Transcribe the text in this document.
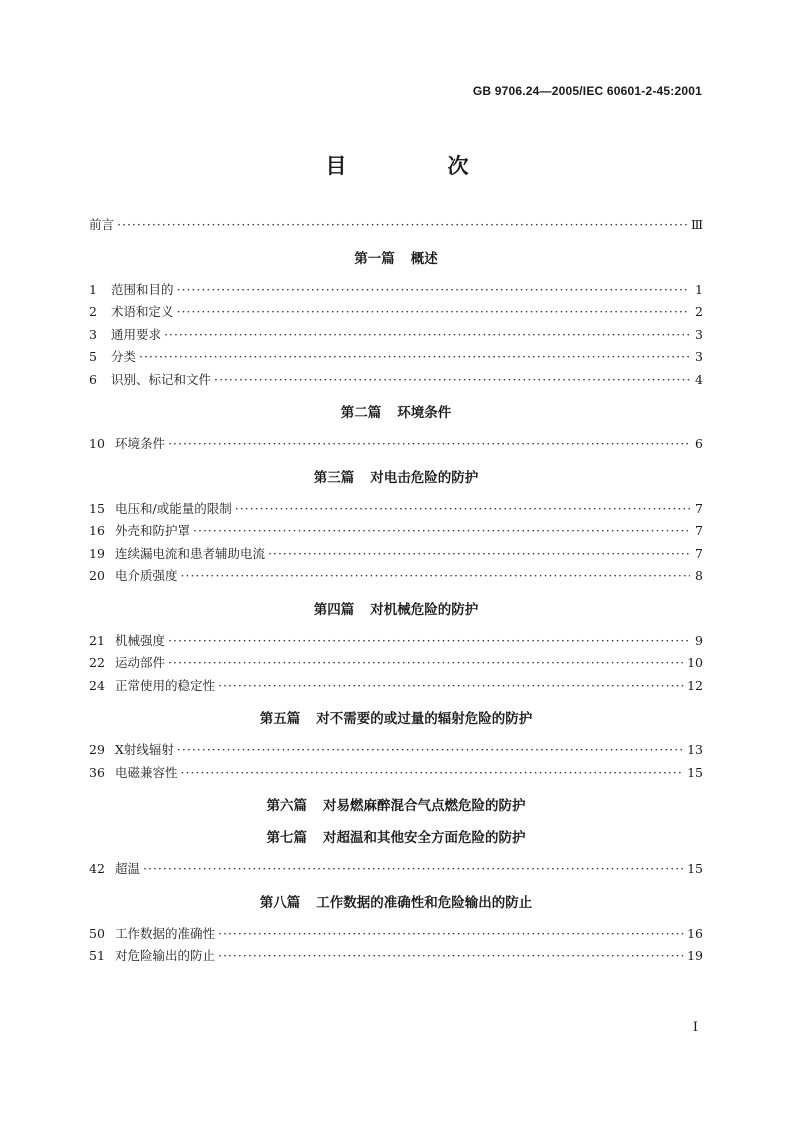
GB 9706.24—2005/IEC 60601-2-45:2001
目　次
前言 ·····	Ⅲ
第一篇 概述
1	范围和目的 ·····	1
2	术语和定义 ·····	2
3	通用要求 ·····	3
5	分类 ·····	3
6	识别、标记和文件 ·····	4
第二篇 环境条件
10 环境条件 ·····	6
第三篇 对电击危险的防护
15 电压和/或能量的限制 ·····	7
16 外壳和防护罩 ·····	7
19 连续漏电流和患者辅助电流 ·····	7
20 电介质强度 ·····	8
第四篇 对机械危险的防护
21 机械强度 ·····	9
22 运动部件 ·····	10
24 正常使用的稳定性 ·····	12
第五篇 对不需要的或过量的辐射危险的防护
29 X射线辐射 ·····	13
36 电磁兼容性 ·····	15
第六篇 对易燃麻醉混合气点燃危险的防护
第七篇 对超温和其他安全方面危险的防护
42 超温 ·····	15
第八篇 工作数据的准确性和危险输出的防止
50 工作数据的准确性 ·····	16
51 对危险输出的防止 ·····	19
I
